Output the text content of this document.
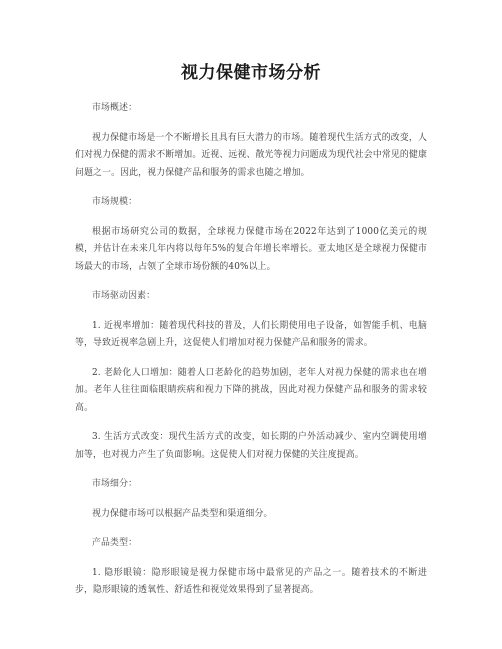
视力保健市场分析

市场概述：

视力保健市场是一个不断增长且具有巨大潜力的市场。随着现代生活方式的改变，人们对视力保健的需求不断增加。近视、远视、散光等视力问题成为现代社会中常见的健康问题之一。因此，视力保健产品和服务的需求也随之增加。

市场规模：

根据市场研究公司的数据，全球视力保健市场在2022年达到了1000亿美元的规模，并估计在未来几年内将以每年5%的复合年增长率增长。亚太地区是全球视力保健市场最大的市场，占领了全球市场份额的40%以上。

市场驱动因素：

1. 近视率增加：随着现代科技的普及，人们长期使用电子设备，如智能手机、电脑等，导致近视率急剧上升，这促使人们增加对视力保健产品和服务的需求。

2. 老龄化人口增加：随着人口老龄化的趋势加剧，老年人对视力保健的需求也在增加。老年人往往面临眼睛疾病和视力下降的挑战，因此对视力保健产品和服务的需求较高。

3. 生活方式改变：现代生活方式的改变，如长期的户外活动减少、室内空调使用增加等，也对视力产生了负面影响。这促使人们对视力保健的关注度提高。

市场细分：

视力保健市场可以根据产品类型和渠道细分。

产品类型：

1. 隐形眼镜：隐形眼镜是视力保健市场中最常见的产品之一。随着技术的不断进步，隐形眼镜的透氧性、舒适性和视觉效果得到了显著提高。
